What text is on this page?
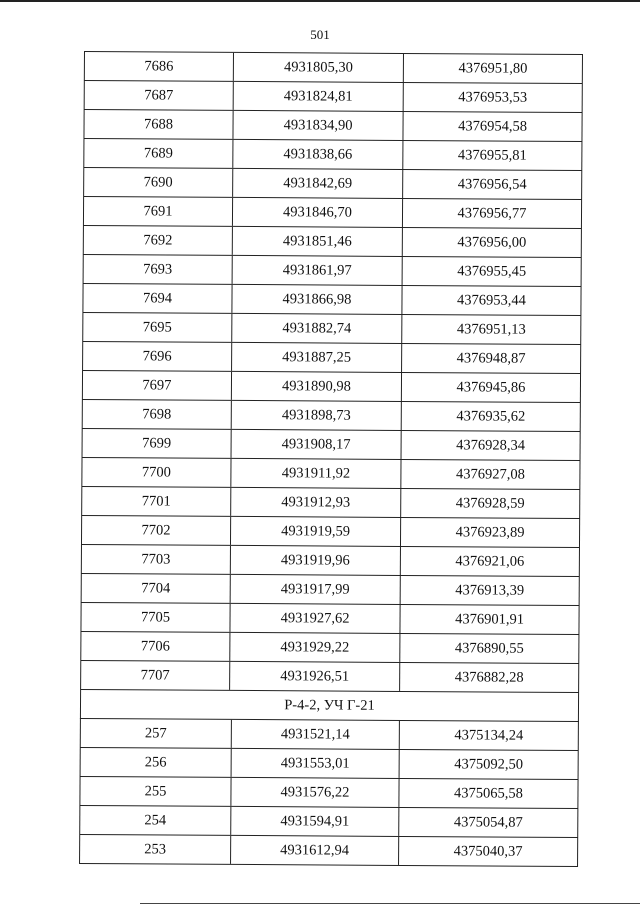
501
7686	4931805,30	4376951,80
7687	4931824,81	4376953,53
7688	4931834,90	4376954,58
7689	4931838,66	4376955,81
7690	4931842,69	4376956,54
7691	4931846,70	4376956,77
7692	4931851,46	4376956,00
7693	4931861,97	4376955,45
7694	4931866,98	4376953,44
7695	4931882,74	4376951,13
7696	4931887,25	4376948,87
7697	4931890,98	4376945,86
7698	4931898,73	4376935,62
7699	4931908,17	4376928,34
7700	4931911,92	4376927,08
7701	4931912,93	4376928,59
7702	4931919,59	4376923,89
7703	4931919,96	4376921,06
7704	4931917,99	4376913,39
7705	4931927,62	4376901,91
7706	4931929,22	4376890,55
7707	4931926,51	4376882,28
Р-4-2, УЧ Г-21
257	4931521,14	4375134,24
256	4931553,01	4375092,50
255	4931576,22	4375065,58
254	4931594,91	4375054,87
253	4931612,94	4375040,37
